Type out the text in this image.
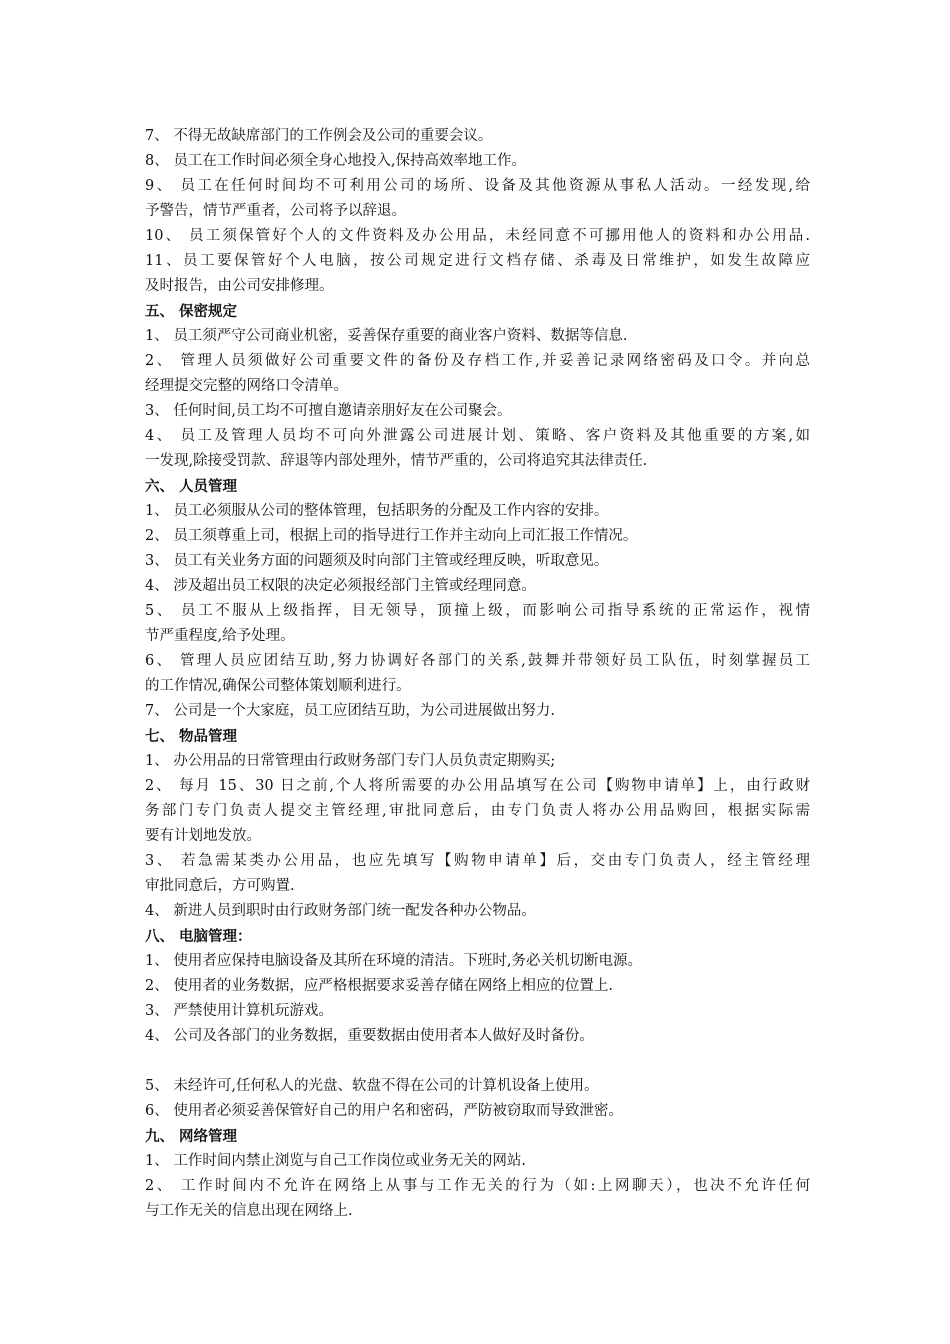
7、 不得无故缺席部门的工作例会及公司的重要会议。
8、 员工在工作时间必须全身心地投入,保持高效率地工作。
9、 员工在任何时间均不可利用公司的场所、设备及其他资源从事私人活动。一经发现,给
予警告，情节严重者，公司将予以辞退。
10、 员工须保管好个人的文件资料及办公用品，未经同意不可挪用他人的资料和办公用品.
11、员工要保管好个人电脑，按公司规定进行文档存储、杀毒及日常维护，如发生故障应
及时报告，由公司安排修理。
五、 保密规定
1、 员工须严守公司商业机密，妥善保存重要的商业客户资料、数据等信息.
2、 管理人员须做好公司重要文件的备份及存档工作,并妥善记录网络密码及口令。并向总
经理提交完整的网络口令清单。
3、 任何时间,员工均不可擅自邀请亲朋好友在公司聚会。
4、 员工及管理人员均不可向外泄露公司进展计划、策略、客户资料及其他重要的方案,如
一发现,除接受罚款、辞退等内部处理外，情节严重的，公司将追究其法律责任.
六、 人员管理
1、 员工必须服从公司的整体管理，包括职务的分配及工作内容的安排。
2、 员工须尊重上司，根据上司的指导进行工作并主动向上司汇报工作情况。
3、 员工有关业务方面的问题须及时向部门主管或经理反映，听取意见。
4、 涉及超出员工权限的决定必须报经部门主管或经理同意。
5、 员工不服从上级指挥，目无领导，顶撞上级，而影响公司指导系统的正常运作，视情
节严重程度,给予处理。
6、 管理人员应团结互助,努力协调好各部门的关系,鼓舞并带领好员工队伍，时刻掌握员工
的工作情况,确保公司整体策划顺利进行。
7、 公司是一个大家庭，员工应团结互助，为公司进展做出努力.
七、 物品管理
1、 办公用品的日常管理由行政财务部门专门人员负责定期购买;
2、 每月 15、30 日之前,个人将所需要的办公用品填写在公司【购物申请单】上，由行政财
务部门专门负责人提交主管经理,审批同意后，由专门负责人将办公用品购回，根据实际需
要有计划地发放。
3、 若急需某类办公用品，也应先填写【购物申请单】后，交由专门负责人，经主管经理
审批同意后，方可购置.
4、 新进人员到职时由行政财务部门统一配发各种办公物品。
八、 电脑管理：
1、 使用者应保持电脑设备及其所在环境的清洁。下班时,务必关机切断电源。
2、 使用者的业务数据，应严格根据要求妥善存储在网络上相应的位置上.
3、 严禁使用计算机玩游戏。
4、 公司及各部门的业务数据，重要数据由使用者本人做好及时备份。
5、 未经许可,任何私人的光盘、软盘不得在公司的计算机设备上使用。
6、 使用者必须妥善保管好自己的用户名和密码，严防被窃取而导致泄密。
九、 网络管理
1、 工作时间内禁止浏览与自己工作岗位或业务无关的网站.
2、 工作时间内不允许在网络上从事与工作无关的行为（如:上网聊天），也决不允许任何
与工作无关的信息出现在网络上.
